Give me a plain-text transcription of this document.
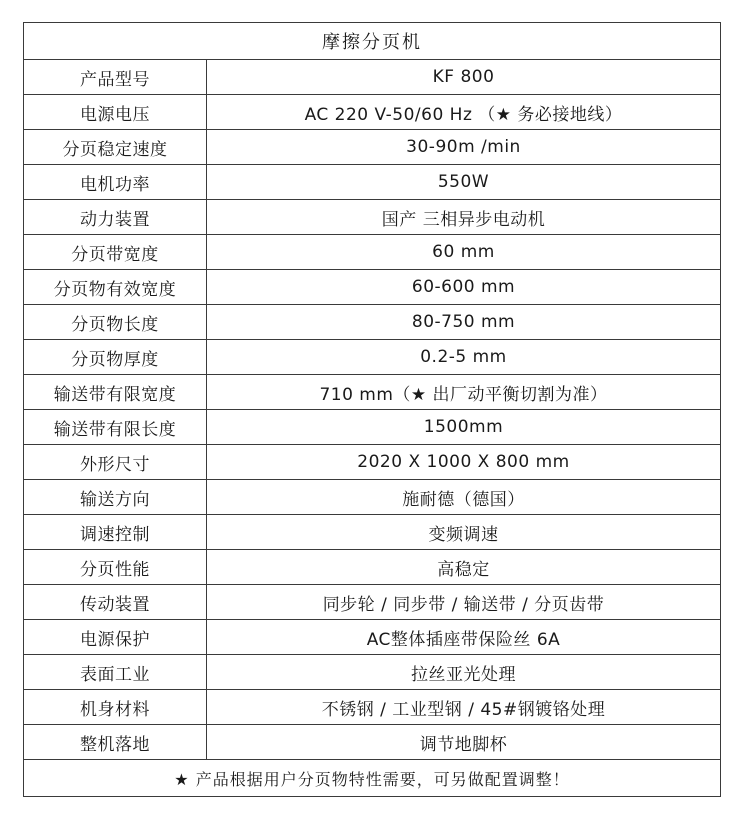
摩擦分页机	
产品型号	KF 800
电源电压	AC 220 V-50/60 Hz （★ 务必接地线）
分页稳定速度	30-90m /min
电机功率	550W
动力装置	国产 三相异步电动机
分页带宽度	60 mm
分页物有效宽度	60-600 mm
分页物长度	80-750 mm
分页物厚度	0.2-5 mm
输送带有限宽度	710 mm（★ 出厂动平衡切割为准）
输送带有限长度	1500mm
外形尺寸	2020 X 1000 X 800 mm
输送方向	施耐德（德国）
调速控制	变频调速
分页性能	高稳定
传动装置	同步轮 / 同步带 / 输送带 / 分页齿带
电源保护	AC整体插座带保险丝 6A
表面工业	拉丝亚光处理
机身材料	不锈钢 / 工业型钢 / 45#钢镀铬处理
整机落地	调节地脚杯
★ 产品根据用户分页物特性需要，可另做配置调整！	
